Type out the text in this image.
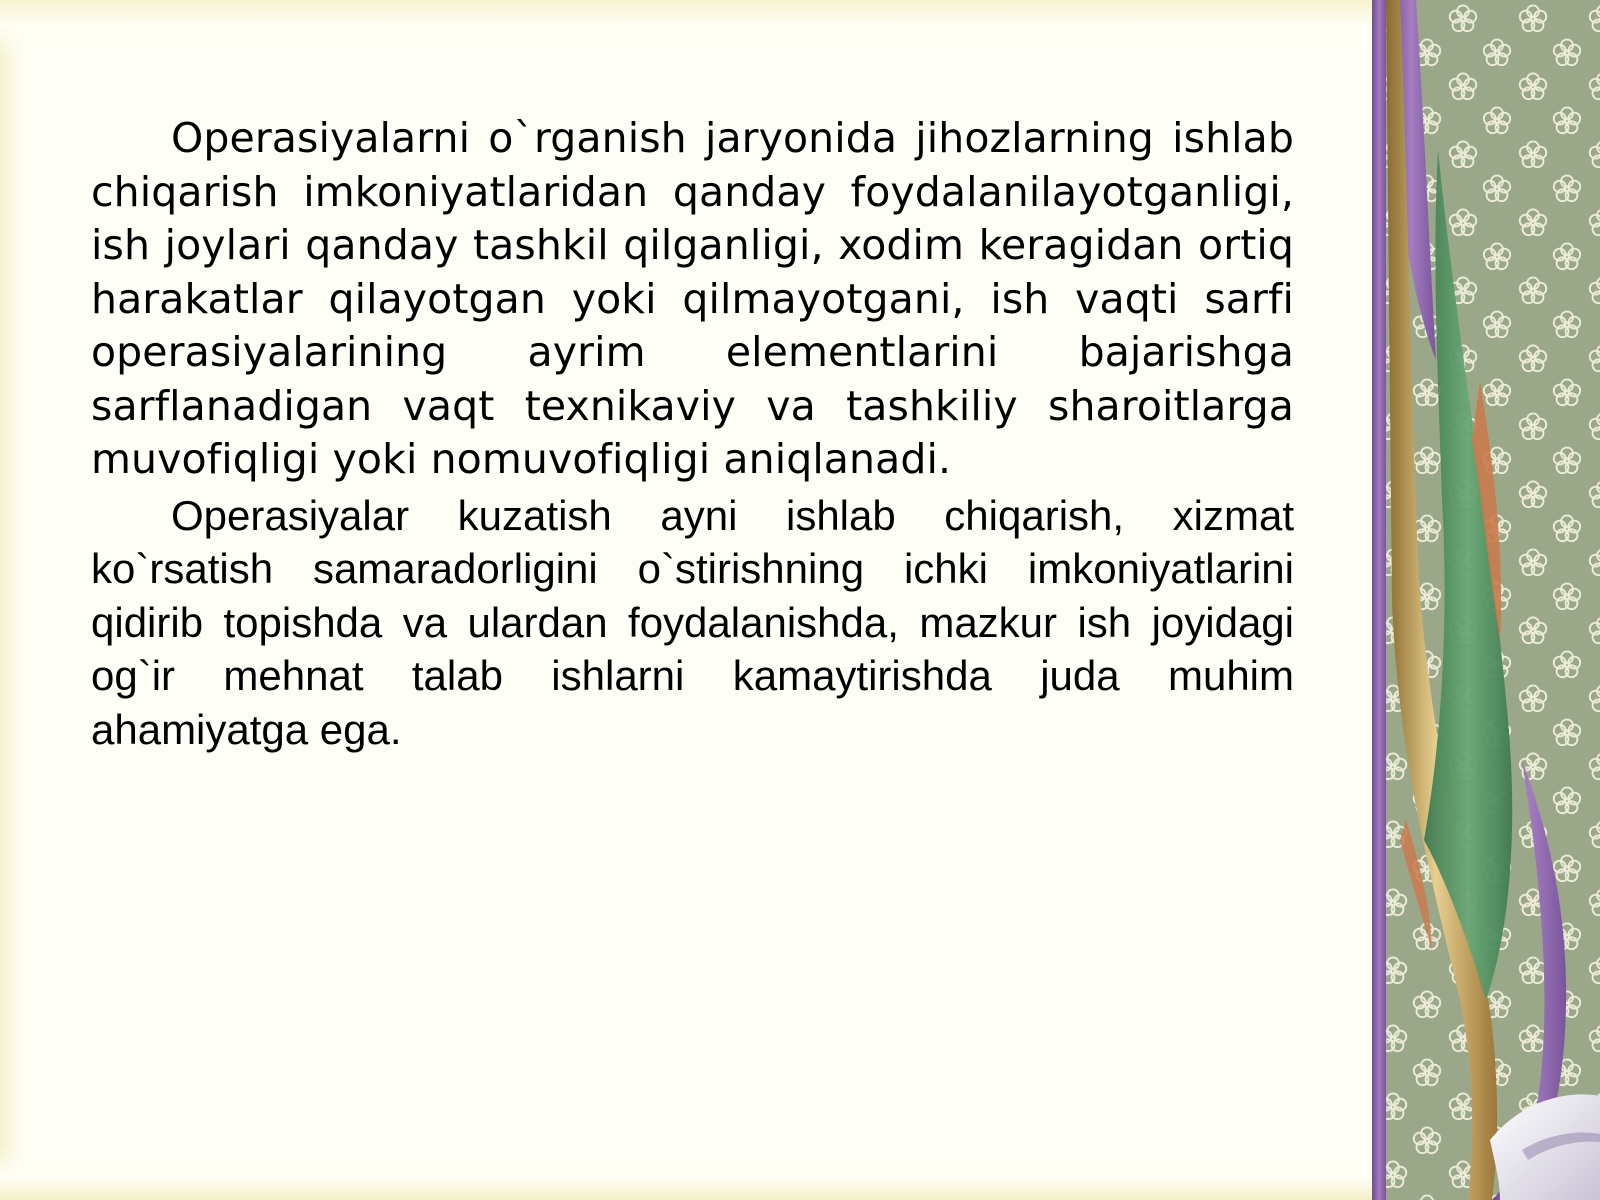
Operasiyalarni o`rganish jaryonida jihozlarning ishlab chiqarish imkoniyatlaridan qanday foydalanilayotganligi, ish joylari qanday tashkil qilganligi, xodim keragidan ortiq harakatlar qilayotgan yoki qilmayotgani, ish vaqti sarfi operasiyalarining ayrim elementlarini bajarishga sarflanadigan vaqt texnikaviy va tashkiliy sharoitlarga muvofiqligi yoki nomuvofiqligi aniqlanadi.

Operasiyalar kuzatish ayni ishlab chiqarish, xizmat ko`rsatish samaradorligini o`stirishning ichki imkoniyatlarini qidirib topishda va ulardan foydalanishda, mazkur ish joyidagi og`ir mehnat talab ishlarni kamaytirishda juda muhim ahamiyatga ega.
